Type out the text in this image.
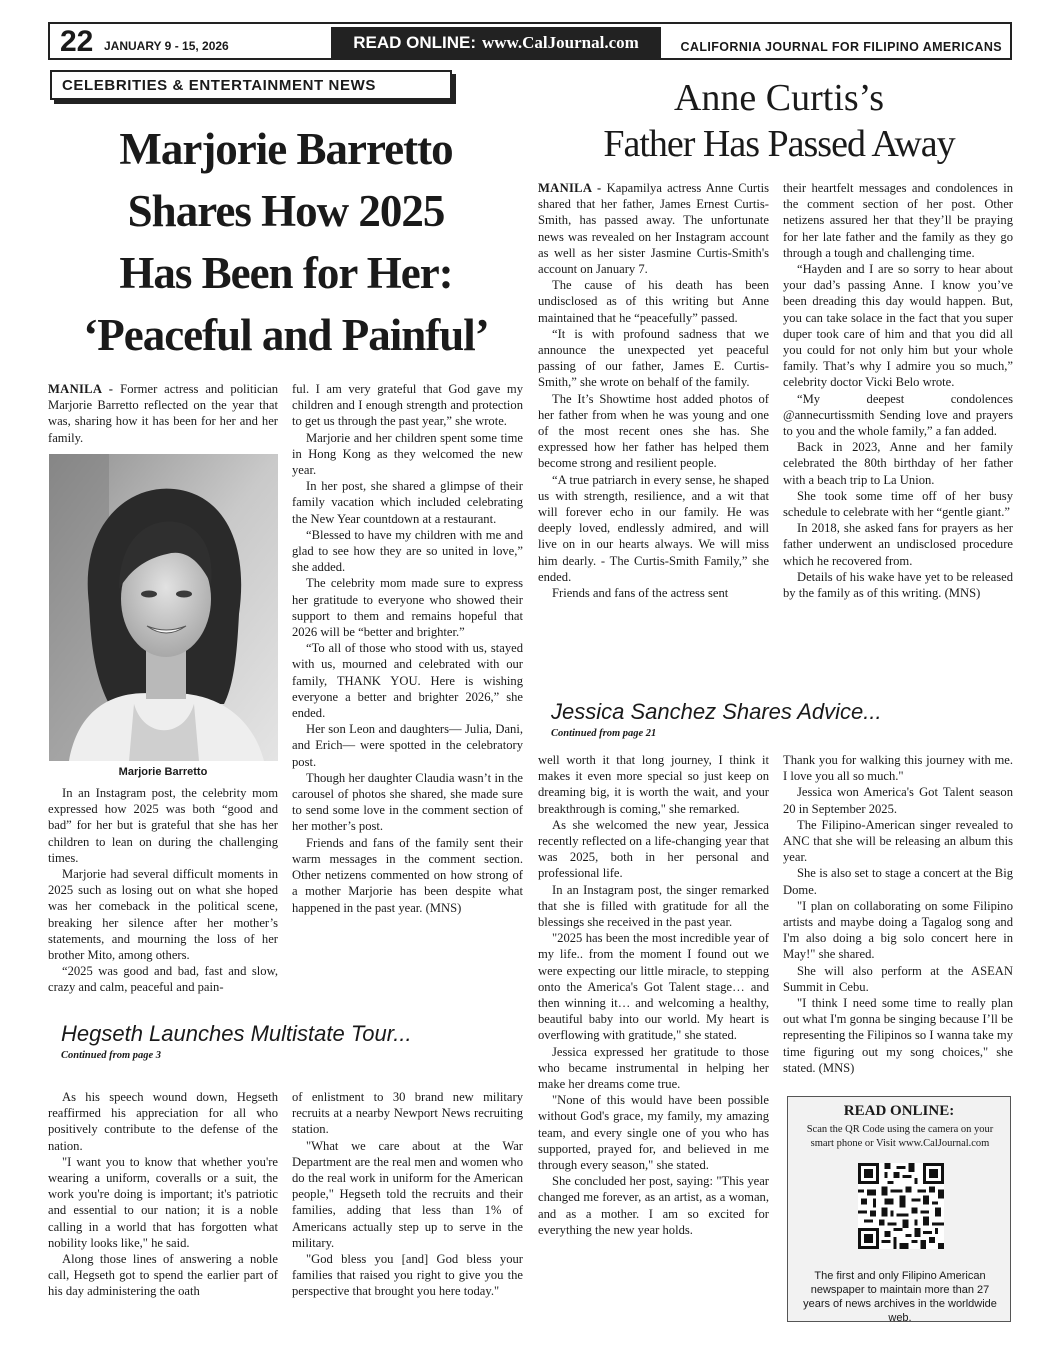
22 JANUARY 9 - 15, 2026	READ ONLINE: www.CalJournal.com	CALIFORNIA JOURNAL FOR FILIPINO AMERICANS
CELEBRITIES & ENTERTAINMENT NEWS
Marjorie Barretto
Shares How 2025
Has Been for Her:
‘Peaceful and Painful’
Anne Curtis’s
Father Has Passed Away

MANILA - Former actress and politician Marjorie Barretto reflected on the year that was, sharing how it has been for her and her family.

Marjorie Barretto

In an Instagram post, the celebrity mom expressed how 2025 was both “good and bad” for her but is grateful that she has her children to lean on during the challenging times.

Marjorie had several difficult moments in 2025 such as losing out on what she hoped was her comeback in the political scene, breaking her silence after her mother’s statements, and mourning the loss of her brother Mito, among others.

“2025 was good and bad, fast and slow, crazy and calm, peaceful and pain-

ful. I am very grateful that God gave my children and I enough strength and protection to get us through the past year,” she wrote.

Marjorie and her children spent some time in Hong Kong as they welcomed the new year.

In her post, she shared a glimpse of their family vacation which included celebrating the New Year countdown at a restaurant.

“Blessed to have my children with me and glad to see how they are so united in love,” she added.

The celebrity mom made sure to express her gratitude to everyone who showed their support to them and remains hopeful that 2026 will be “better and brighter.”

“To all of those who stood with us, stayed with us, mourned and celebrated with our family, THANK YOU. Here is wishing everyone a better and brighter 2026,” she ended.

Her son Leon and daughters— Julia, Dani, and Erich— were spotted in the celebratory post.

Though her daughter Claudia wasn’t in the carousel of photos she shared, she made sure to send some love in the comment section of her mother’s post.

Friends and fans of the family sent their warm messages in the comment section. Other netizens commented on how strong of a mother Marjorie has been despite what happened in the past year. (MNS)

MANILA - Kapamilya actress Anne Curtis shared that her father, James Ernest Curtis-Smith, has passed away. The unfortunate news was revealed on her Instagram account as well as her sister Jasmine Curtis-Smith's account on January 7.

The cause of his death has been undisclosed as of this writing but Anne maintained that he “peacefully” passed.

“It is with profound sadness that we announce the unexpected yet peaceful passing of our father, James E. Curtis-Smith,” she wrote on behalf of the family.

The It’s Showtime host added photos of her father from when he was young and one of the most recent ones she has. She expressed how her father has helped them become strong and resilient people.

“A true patriarch in every sense, he shaped us with strength, resilience, and a wit that will forever echo in our family. He was deeply loved, endlessly admired, and will live on in our hearts always. We will miss him dearly. - The Curtis-Smith Family,” she ended.

Friends and fans of the actress sent

their heartfelt messages and condolences in the comment section of her post. Other netizens assured her that they’ll be praying for her late father and the family as they go through a tough and challenging time.

“Hayden and I are so sorry to hear about your dad’s passing Anne. I know you’ve been dreading this day would happen. But, you can take solace in the fact that you super duper took care of him and that you did all you could for not only him but your whole family. That’s why I admire you so much,” celebrity doctor Vicki Belo wrote.

“My deepest condolences @annecurtissmith Sending love and prayers to you and the whole family,” a fan added.

Back in 2023, Anne and her family celebrated the 80th birthday of her father with a beach trip to La Union.

She took some time off of her busy schedule to celebrate with her “gentle giant.”

In 2018, she asked fans for prayers as her father underwent an undisclosed procedure which he recovered from.

Details of his wake have yet to be released by the family as of this writing. (MNS)

Jessica Sanchez Shares Advice...
Continued from page 21

well worth it that long journey, I think it makes it even more special so just keep on dreaming big, it is worth the wait, and your breakthrough is coming," she remarked.

As she welcomed the new year, Jessica recently reflected on a life-changing year that was 2025, both in her personal and professional life.

In an Instagram post, the singer remarked that she is filled with gratitude for all the blessings she received in the past year.

"2025 has been the most incredible year of my life.. from the moment I found out we were expecting our little miracle, to stepping onto the America's Got Talent stage… and then winning it… and welcoming a healthy, beautiful baby into our world. My heart is overflowing with gratitude," she stated.

Jessica expressed her gratitude to those who became instrumental in helping her make her dreams come true.

"None of this would have been possible without God's grace, my family, my amazing team, and every single one of you who has supported, prayed for, and believed in me through every season," she stated.

She concluded her post, saying: "This year changed me forever, as an artist, as a woman, and as a mother. I am so excited for everything the new year holds.

Thank you for walking this journey with me. I love you all so much."

Jessica won America's Got Talent season 20 in September 2025.

The Filipino-American singer revealed to ANC that she will be releasing an album this year.

She is also set to stage a concert at the Big Dome.

"I plan on collaborating on some Filipino artists and maybe doing a Tagalog song and I'm also doing a big solo concert here in May!" she shared.

She will also perform at the ASEAN Summit in Cebu.

"I think I need some time to really plan out what I'm gonna be singing because I’ll be representing the Filipinos so I wanna take my time figuring out my song choices," she stated. (MNS)

Hegseth Launches Multistate Tour...
Continued from page 3

As his speech wound down, Hegseth reaffirmed his appreciation for all who positively contribute to the defense of the nation.

"I want you to know that whether you're wearing a uniform, coveralls or a suit, the work you're doing is important; it's patriotic and essential to our nation; it is a noble calling in a world that has forgotten what nobility looks like," he said.

Along those lines of answering a noble call, Hegseth got to spend the earlier part of his day administering the oath

of enlistment to 30 brand new military recruits at a nearby Newport News recruiting station.

"What we care about at the War Department are the real men and women who do the real work in uniform for the American people," Hegseth told the recruits and their families, adding that less than 1% of Americans actually step up to serve in the military.

"God bless you [and] God bless your families that raised you right to give you the perspective that brought you here today."

READ ONLINE:
Scan the QR Code using the camera on your smart phone or Visit www.CalJournal.com
The first and only Filipino American newspaper to maintain more than 27 years of news archives in the worldwide web.
